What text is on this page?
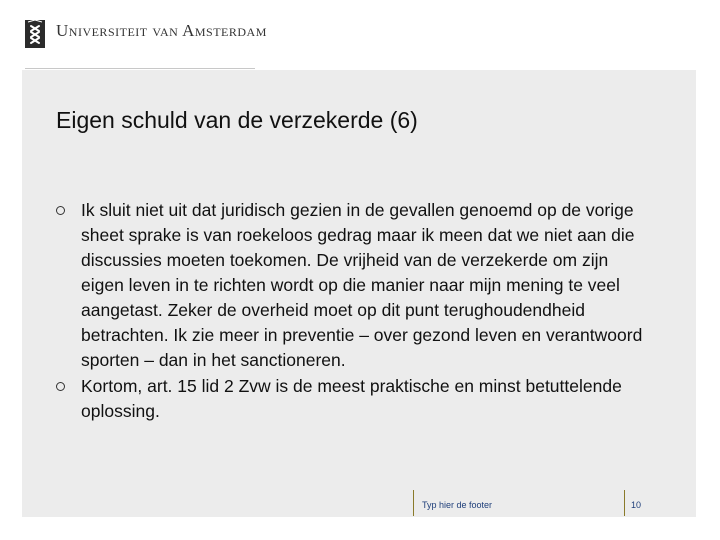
Universiteit van Amsterdam
Eigen schuld van de verzekerde (6)
Ik sluit niet uit dat juridisch gezien in de gevallen genoemd op de vorige sheet sprake is van roekeloos gedrag maar ik meen dat we niet aan die discussies moeten toekomen. De vrijheid van de verzekerde om zijn eigen leven in te richten wordt op die manier naar mijn mening te veel aangetast. Zeker de overheid moet op dit punt terughoudendheid betrachten. Ik zie meer in preventie – over gezond leven en verantwoord sporten – dan in het sanctioneren.
Kortom, art. 15 lid 2 Zvw is de meest praktische en minst betuttelende oplossing.
Typ hier de footer	10
